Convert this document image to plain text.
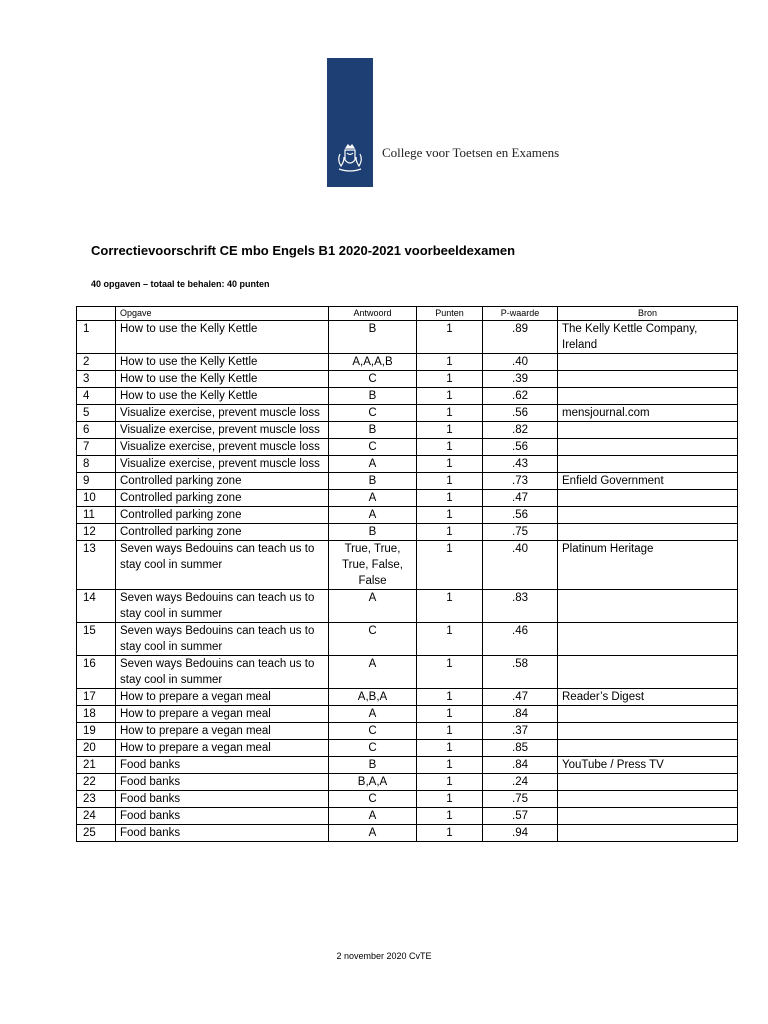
College voor Toetsen en Examens
Correctievoorschrift CE mbo Engels B1 2020-2021 voorbeeldexamen
40 opgaven – totaal te behalen: 40 punten
	Opgave	Antwoord	Punten	P-waarde	Bron
1	How to use the Kelly Kettle	B	1	.89	The Kelly Kettle Company, Ireland
2	How to use the Kelly Kettle	A,A,A,B	1	.40	
3	How to use the Kelly Kettle	C	1	.39	
4	How to use the Kelly Kettle	B	1	.62	
5	Visualize exercise, prevent muscle loss	C	1	.56	mensjournal.com
6	Visualize exercise, prevent muscle loss	B	1	.82	
7	Visualize exercise, prevent muscle loss	C	1	.56	
8	Visualize exercise, prevent muscle loss	A	1	.43	
9	Controlled parking zone	B	1	.73	Enfield Government
10	Controlled parking zone	A	1	.47	
11	Controlled parking zone	A	1	.56	
12	Controlled parking zone	B	1	.75	
13	Seven ways Bedouins can teach us to stay cool in summer	True, True, True, False, False	1	.40	Platinum Heritage
14	Seven ways Bedouins can teach us to stay cool in summer	A	1	.83	
15	Seven ways Bedouins can teach us to stay cool in summer	C	1	.46	
16	Seven ways Bedouins can teach us to stay cool in summer	A	1	.58	
17	How to prepare a vegan meal	A,B,A	1	.47	Reader’s Digest
18	How to prepare a vegan meal	A	1	.84	
19	How to prepare a vegan meal	C	1	.37	
20	How to prepare a vegan meal	C	1	.85	
21	Food banks	B	1	.84	YouTube / Press TV
22	Food banks	B,A,A	1	.24	
23	Food banks	C	1	.75	
24	Food banks	A	1	.57	
25	Food banks	A	1	.94	
2 november 2020 CvTE
